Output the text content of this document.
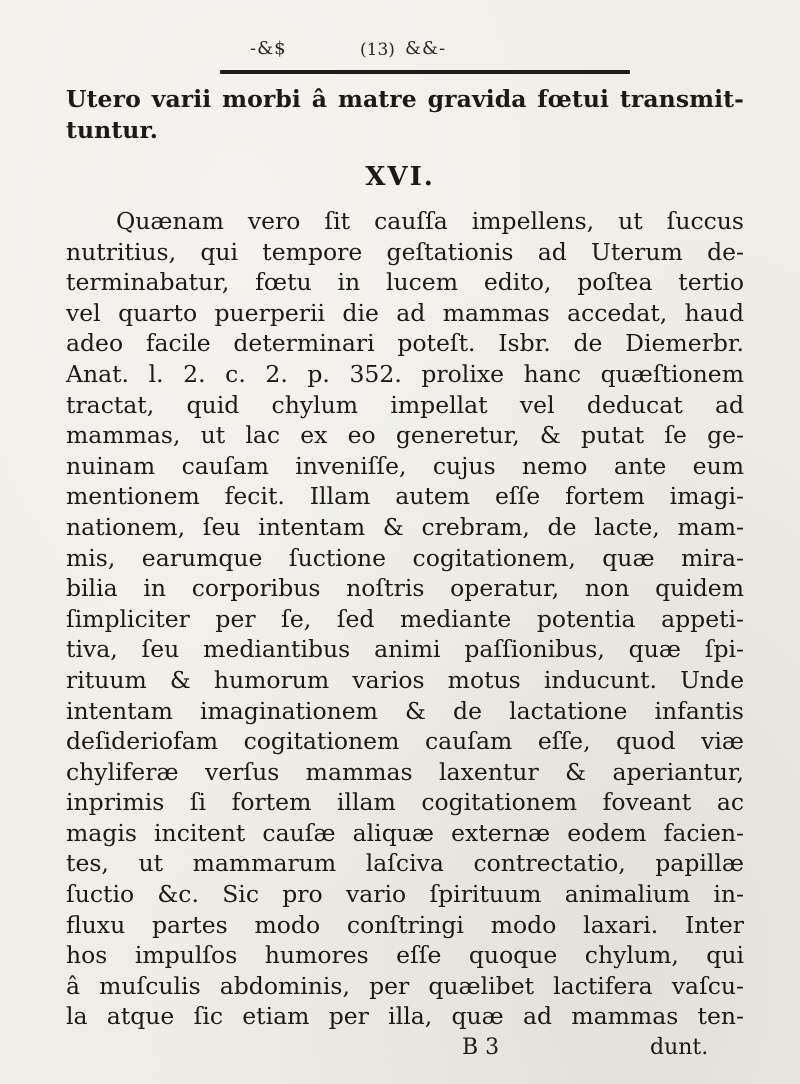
-&$	(13) &&-
Utero varii morbi â matre gravida fœtui transmit-
tuntur.
XVI.
Quænam vero ſit cauſſa impellens, ut ſuccus
nutritius, qui tempore geſtationis ad Uterum de-
terminabatur, fœtu in lucem edito, poſtea tertio
vel quarto puerperii die ad mammas accedat, haud
adeo facile determinari poteſt. Isbr. de Diemerbr.
Anat. l. 2. c. 2. p. 352. prolixe hanc quæſtionem
tractat, quid chylum impellat vel deducat ad
mammas, ut lac ex eo generetur, & putat ſe ge-
nuinam cauſam inveniſſe, cujus nemo ante eum
mentionem fecit. Illam autem eſſe fortem imagi-
nationem, ſeu intentam & crebram, de lacte, mam-
mis, earumque ſuctione cogitationem, quæ mira-
bilia in corporibus noſtris operatur, non quidem
ſimpliciter per ſe, ſed mediante potentia appeti-
tiva, ſeu mediantibus animi paſſionibus, quæ ſpi-
rituum & humorum varios motus inducunt. Unde
intentam imaginationem & de lactatione infantis
deſideriofam cogitationem cauſam eſſe, quod viæ
chyliferæ verſus mammas laxentur & aperiantur,
inprimis ſi fortem illam cogitationem foveant ac
magis incitent cauſæ aliquæ externæ eodem facien-
tes, ut mammarum laſciva contrectatio, papillæ
ſuctio &c. Sic pro vario ſpirituum animalium in-
fluxu partes modo conſtringi modo laxari. Inter
hos impulſos humores eſſe quoque chylum, qui
â muſculis abdominis, per quælibet lactifera vaſcu-
la atque ſic etiam per illa, quæ ad mammas ten-
B 3	dunt.
